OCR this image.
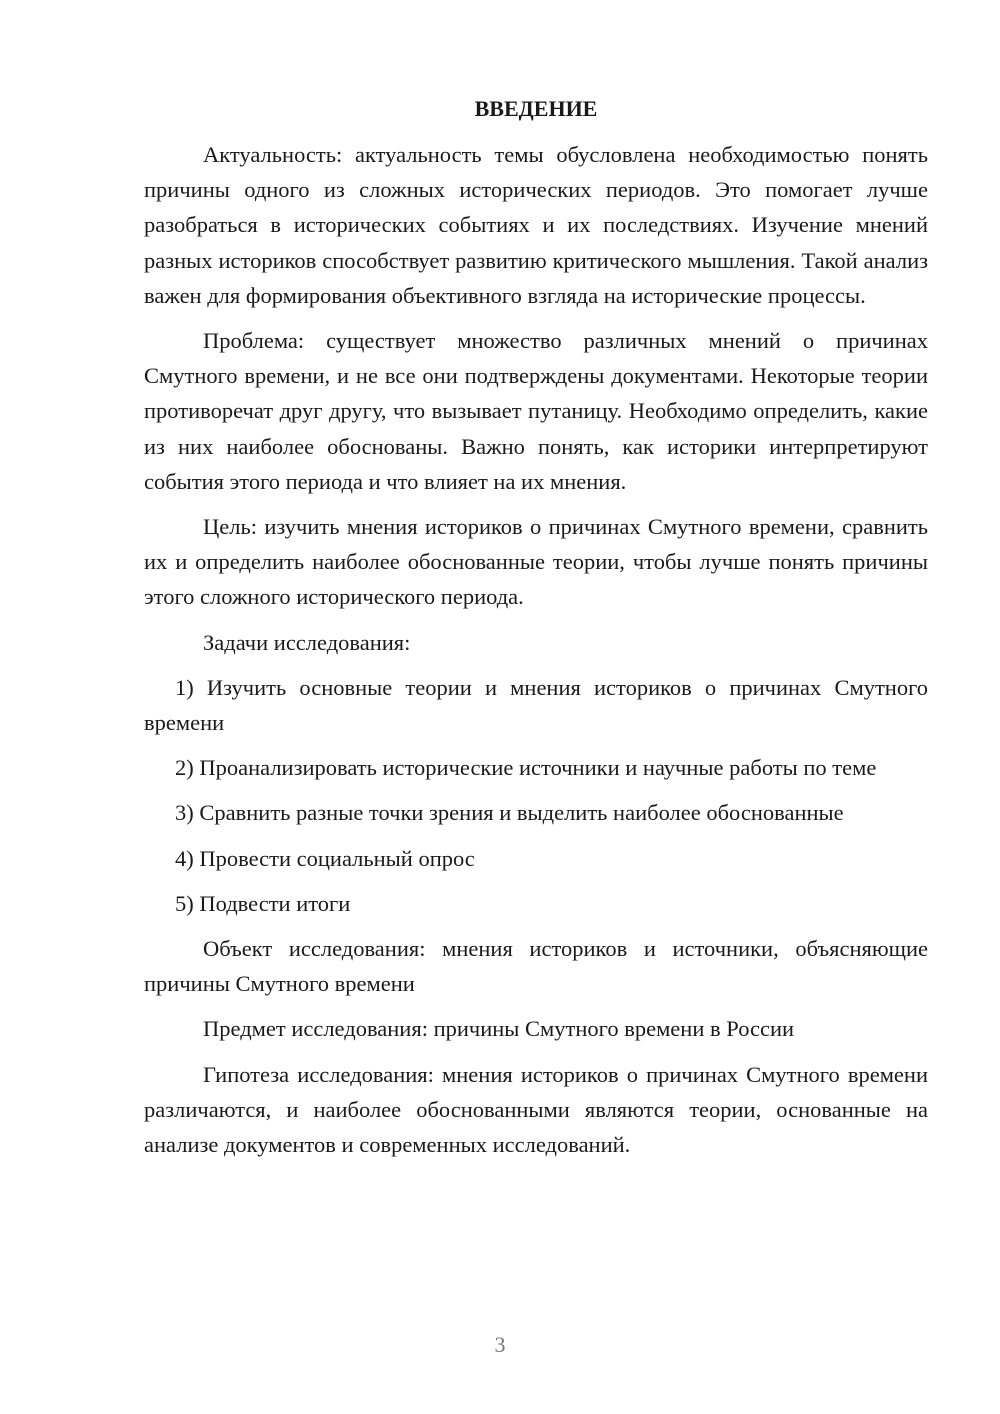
ВВЕДЕНИЕ

Актуальность: актуальность темы обусловлена необходимостью понять причины одного из сложных исторических периодов. Это помогает лучше разобраться в исторических событиях и их последствиях. Изучение мнений разных историков способствует развитию критического мышления. Такой анализ важен для формирования объективного взгляда на исторические процессы.

Проблема: существует множество различных мнений о причинах Смутного времени, и не все они подтверждены документами. Некоторые теории противоречат друг другу, что вызывает путаницу. Необходимо определить, какие из них наиболее обоснованы. Важно понять, как историки интерпретируют события этого периода и что влияет на их мнения.

Цель: изучить мнения историков о причинах Смутного времени, сравнить их и определить наиболее обоснованные теории, чтобы лучше понять причины этого сложного исторического периода.

Задачи исследования:

1) Изучить основные теории и мнения историков о причинах Смутного времени

2) Проанализировать исторические источники и научные работы по теме

3) Сравнить разные точки зрения и выделить наиболее обоснованные

4) Провести социальный опрос

5) Подвести итоги

Объект исследования: мнения историков и источники, объясняющие причины Смутного времени

Предмет исследования: причины Смутного времени в России

Гипотеза исследования: мнения историков о причинах Смутного времени различаются, и наиболее обоснованными являются теории, основанные на анализе документов и современных исследований.

3
